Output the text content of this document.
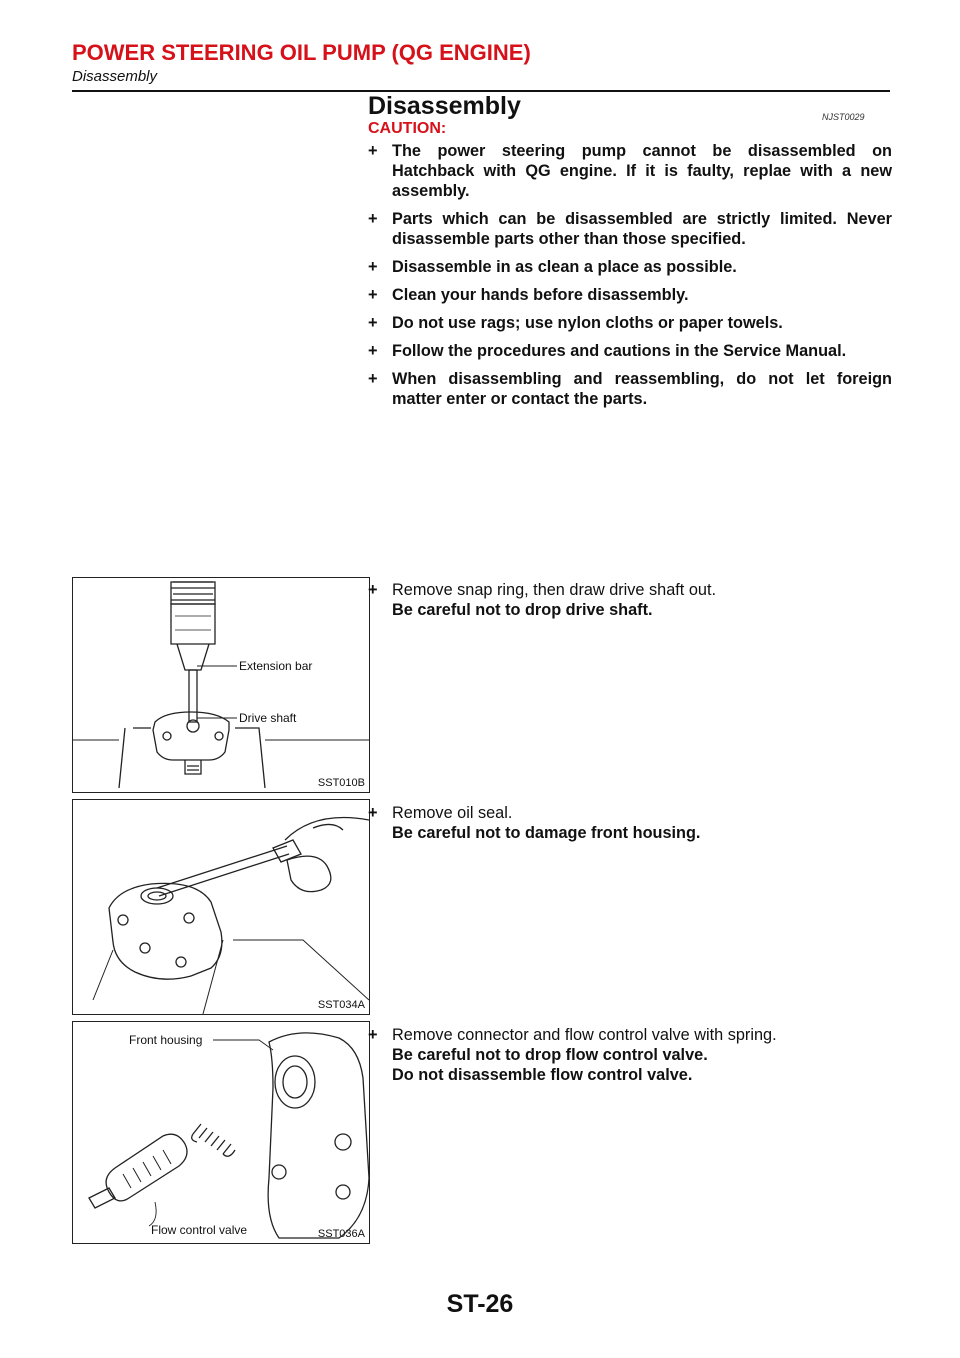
POWER STEERING OIL PUMP (QG ENGINE)
Disassembly
Disassembly	NJST0029
CAUTION:
+ The power steering pump cannot be disassembled on Hatchback with QG engine. If it is faulty, replae with a new assembly.
+ Parts which can be disassembled are strictly limited. Never disassemble parts other than those specified.
+ Disassemble in as clean a place as possible.
+ Clean your hands before disassembly.
+ Do not use rags; use nylon cloths or paper towels.
+ Follow the procedures and cautions in the Service Manual.
+ When disassembling and reassembling, do not let foreign matter enter or contact the parts.
Extension bar
Drive shaft
SST010B
+ Remove snap ring, then draw drive shaft out.
Be careful not to drop drive shaft.
SST034A
+ Remove oil seal.
Be careful not to damage front housing.
Front housing
Flow control valve	SST036A
+ Remove connector and flow control valve with spring.
Be careful not to drop flow control valve.
Do not disassemble flow control valve.
ST-26
